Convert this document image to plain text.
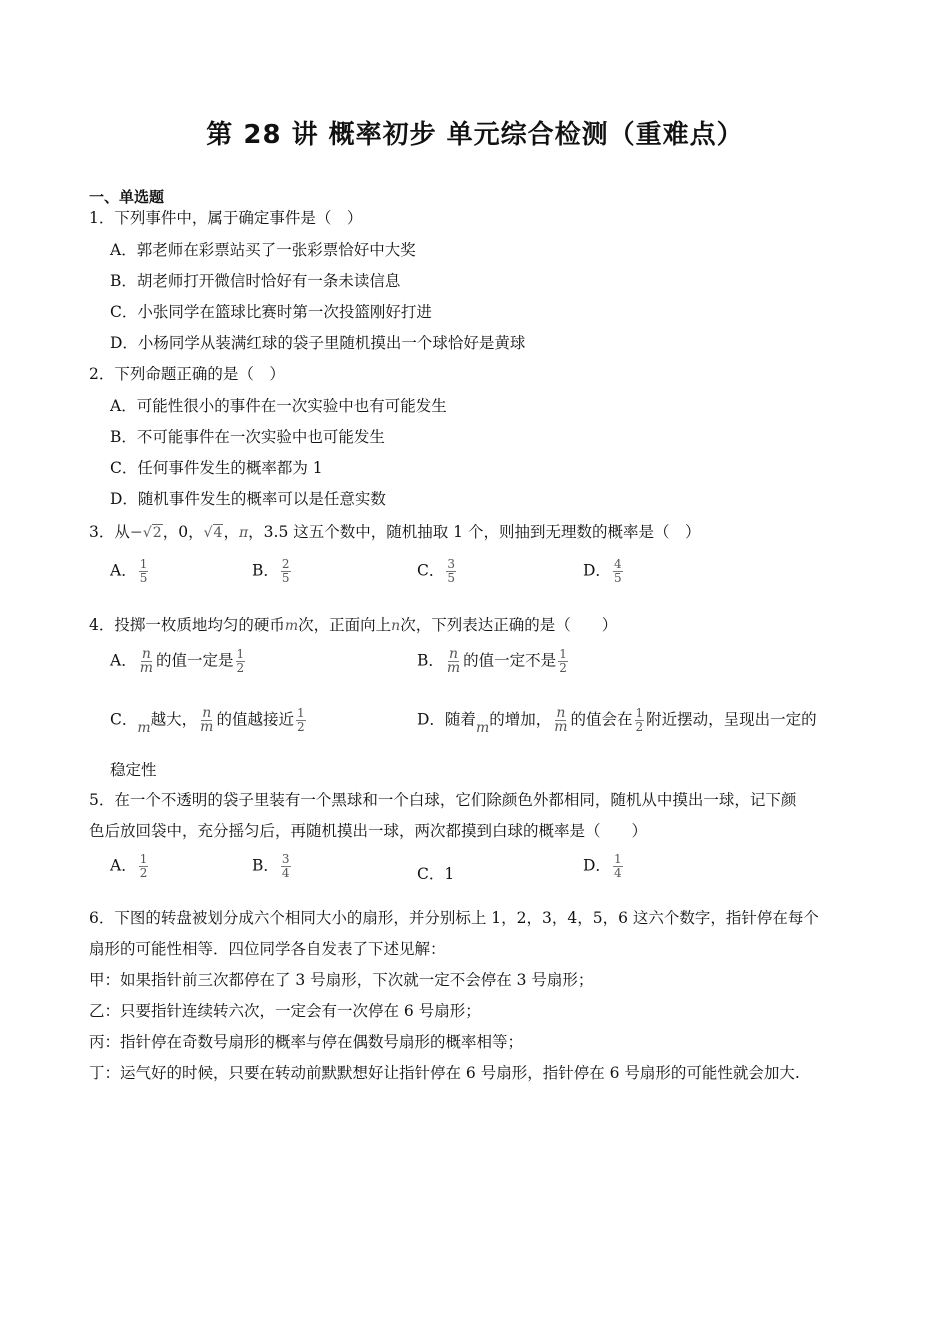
第 28 讲 概率初步 单元综合检测（重难点）
一、单选题
1．下列事件中，属于确定事件是（　）
A．郭老师在彩票站买了一张彩票恰好中大奖
B．胡老师打开微信时恰好有一条未读信息
C．小张同学在篮球比赛时第一次投篮刚好打进
D．小杨同学从装满红球的袋子里随机摸出一个球恰好是黄球
2．下列命题正确的是（　）
A．可能性很小的事件在一次实验中也有可能发生
B．不可能事件在一次实验中也可能发生
C．任何事件发生的概率都为 1
D．随机事件发生的概率可以是任意实数
3．从−√2，0，√4，π，3.5 这五个数中，随机抽取 1 个，则抽到无理数的概率是（　）
A． $\frac{1}{5}$	B． $\frac{2}{5}$	C． $\frac{3}{5}$	D． $\frac{4}{5}$
4．投掷一枚质地均匀的硬币m次，正面向上n次，下列表达正确的是（　　）
A． $\frac{n}{m}$ 的值一定是 $\frac{1}{2}$	B． $\frac{n}{m}$ 的值一定不是 $\frac{1}{2}$
C．m越大， $\frac{n}{m}$ 的值越接近 $\frac{1}{2}$	D．随着m的增加， $\frac{n}{m}$ 的值会在 $\frac{1}{2}$ 附近摆动，呈现出一定的
稳定性
5．在一个不透明的袋子里装有一个黑球和一个白球，它们除颜色外都相同，随机从中摸出一球，记下颜
色后放回袋中，充分摇匀后，再随机摸出一球，两次都摸到白球的概率是（　　）
A． $\frac{1}{2}$	B． $\frac{3}{4}$	C．1	D． $\frac{1}{4}$
6．下图的转盘被划分成六个相同大小的扇形，并分别标上 1，2，3，4，5，6 这六个数字，指针停在每个
扇形的可能性相等．四位同学各自发表了下述见解：
甲：如果指针前三次都停在了 3 号扇形，下次就一定不会停在 3 号扇形；
乙：只要指针连续转六次，一定会有一次停在 6 号扇形；
丙：指针停在奇数号扇形的概率与停在偶数号扇形的概率相等；
丁：运气好的时候，只要在转动前默默想好让指针停在 6 号扇形，指针停在 6 号扇形的可能性就会加大.
